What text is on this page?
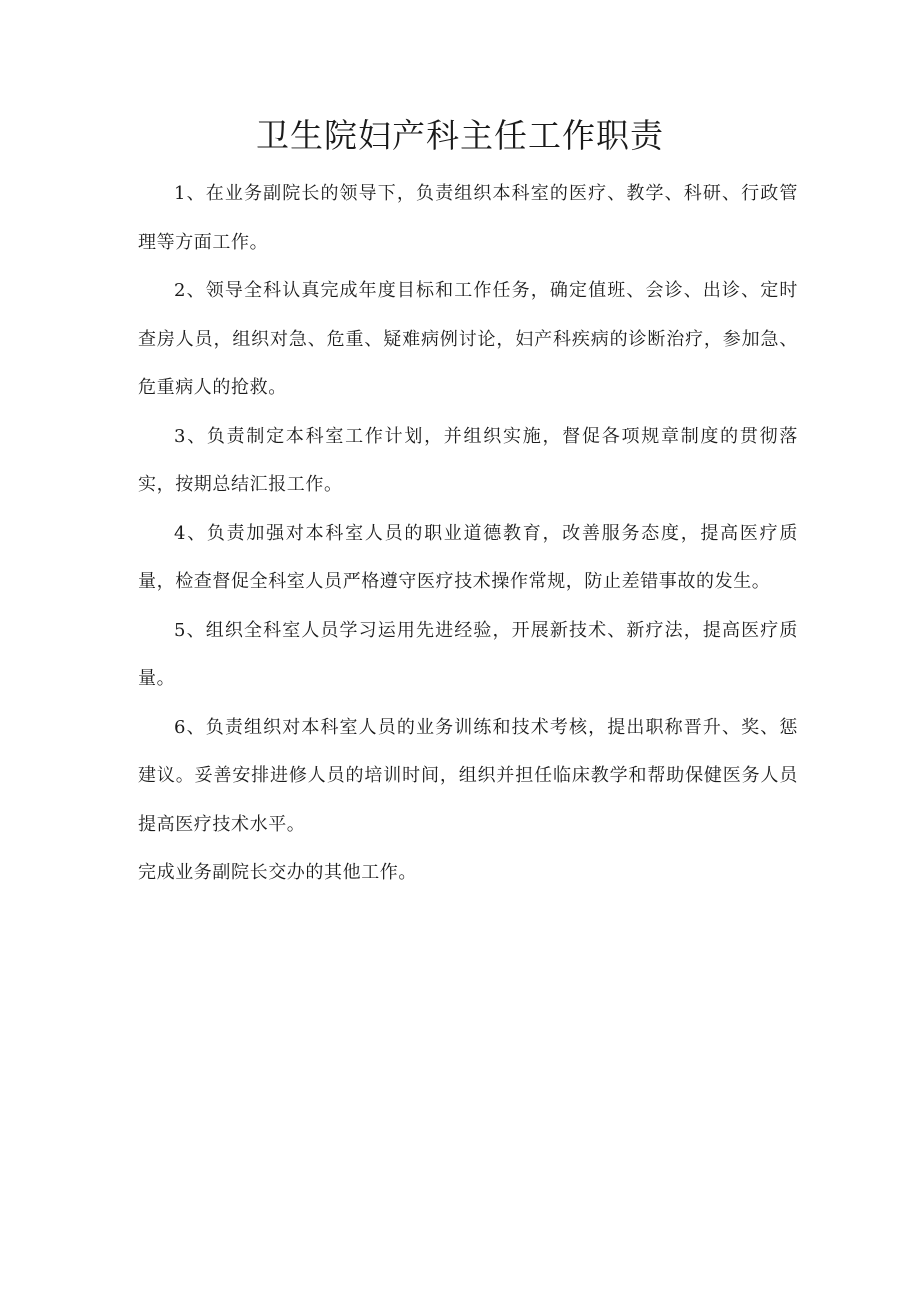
卫生院妇产科主任工作职责

1、在业务副院长的领导下，负责组织本科室的医疗、教学、科研、行政管理等方面工作。

2、领导全科认真完成年度目标和工作任务，确定值班、会诊、出诊、定时查房人员，组织对急、危重、疑难病例讨论，妇产科疾病的诊断治疗，参加急、危重病人的抢救。

3、负责制定本科室工作计划，并组织实施，督促各项规章制度的贯彻落实，按期总结汇报工作。

4、负责加强对本科室人员的职业道德教育，改善服务态度，提高医疗质量，检查督促全科室人员严格遵守医疗技术操作常规，防止差错事故的发生。

5、组织全科室人员学习运用先进经验，开展新技术、新疗法，提高医疗质量。

6、负责组织对本科室人员的业务训练和技术考核，提出职称晋升、奖、惩建议。妥善安排进修人员的培训时间，组织并担任临床教学和帮助保健医务人员提高医疗技术水平。

完成业务副院长交办的其他工作。
